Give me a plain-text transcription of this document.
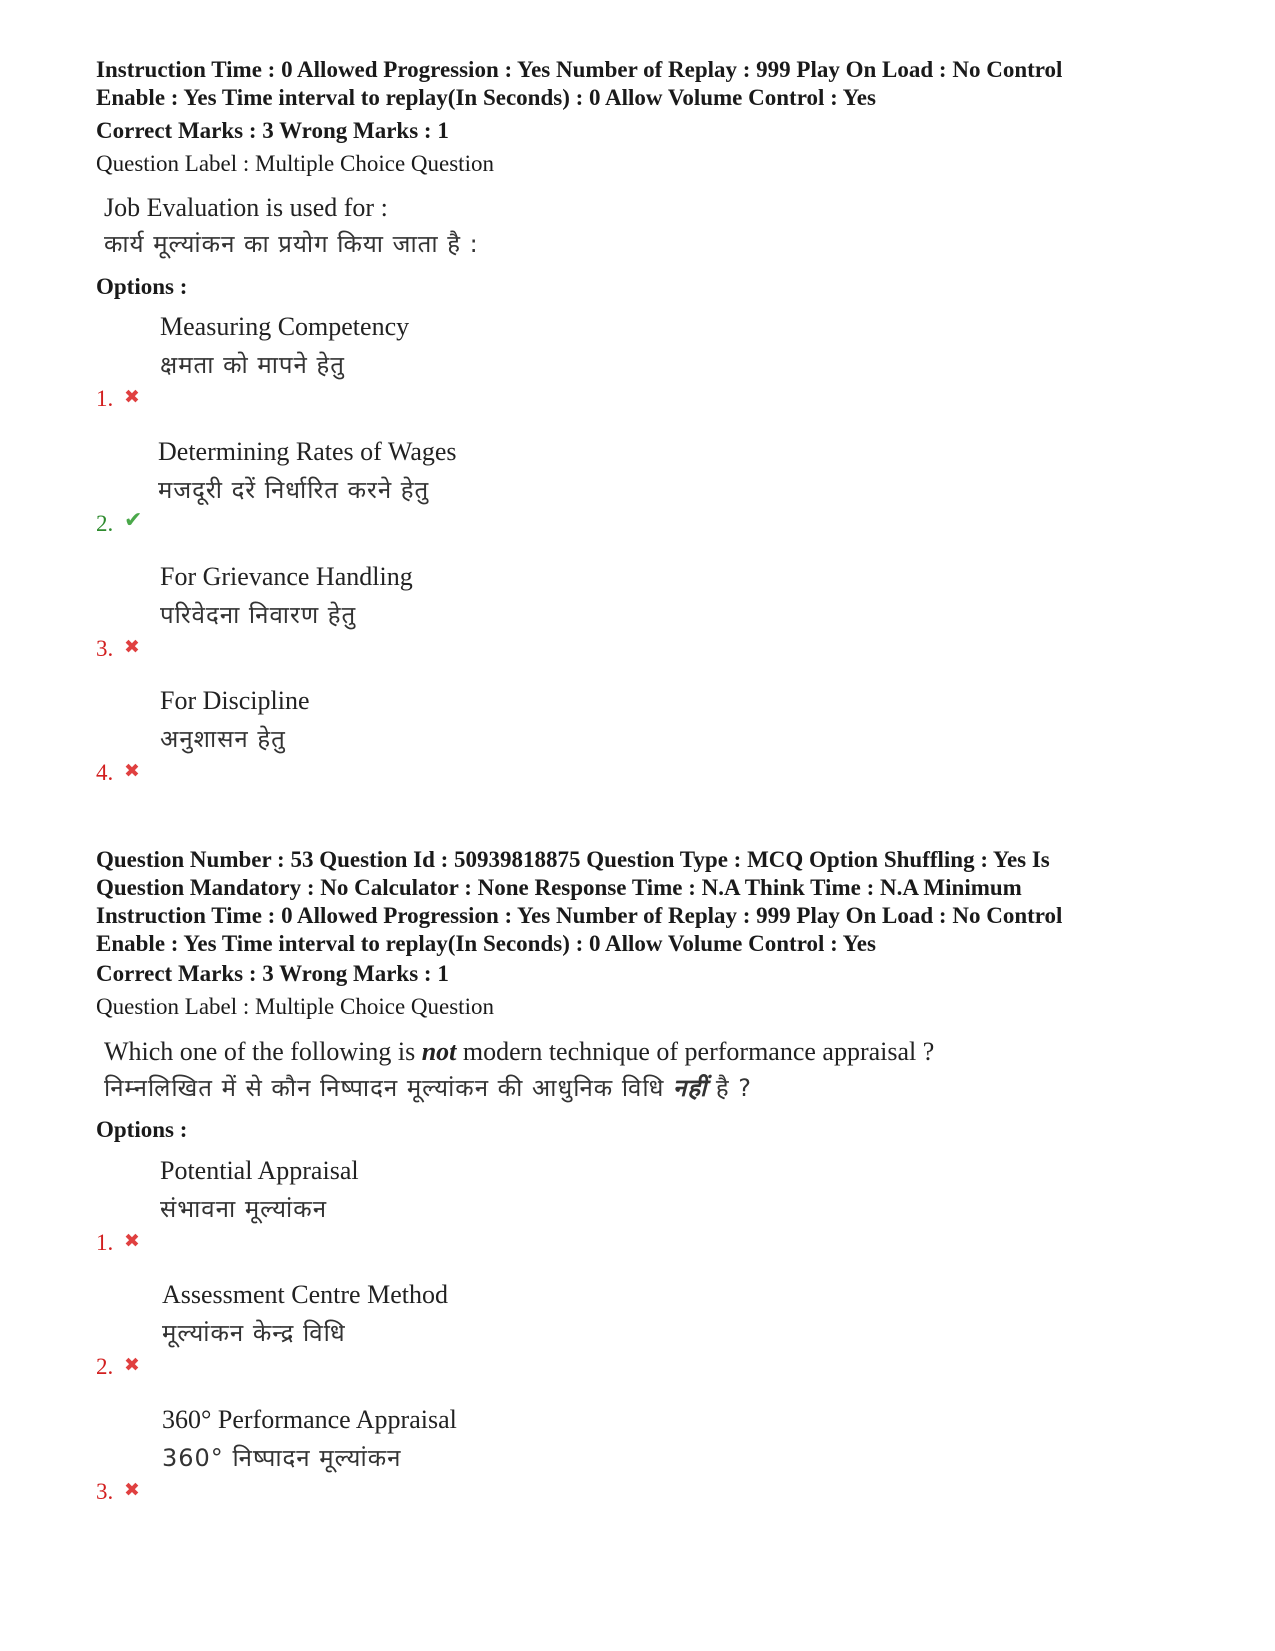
Instruction Time : 0 Allowed Progression : Yes Number of Replay : 999 Play On Load : No Control

Enable : Yes Time interval to replay(In Seconds) : 0 Allow Volume Control : Yes

Correct Marks : 3 Wrong Marks : 1
Question Label : Multiple Choice Question
Job Evaluation is used for :
कार्य मूल्यांकन का प्रयोग किया जाता है :
Options :
1. ✖
Measuring Competency
क्षमता को मापने हेतु
2. ✔
Determining Rates of Wages
मजदूरी दरें निर्धारित करने हेतु
3. ✖
For Grievance Handling
परिवेदना निवारण हेतु
4. ✖
For Discipline
अनुशासन हेतु

Question Number : 53 Question Id : 50939818875 Question Type : MCQ Option Shuffling : Yes Is

Question Mandatory : No Calculator : None Response Time : N.A Think Time : N.A Minimum

Instruction Time : 0 Allowed Progression : Yes Number of Replay : 999 Play On Load : No Control

Enable : Yes Time interval to replay(In Seconds) : 0 Allow Volume Control : Yes

Correct Marks : 3 Wrong Marks : 1
Question Label : Multiple Choice Question
Which one of the following is not modern technique of performance appraisal ?
निम्नलिखित में से कौन निष्पादन मूल्यांकन की आधुनिक विधि नहीं है ?
Options :
1. ✖
Potential Appraisal
संभावना मूल्यांकन
2. ✖
Assessment Centre Method
मूल्यांकन केन्द्र विधि
3. ✖
360° Performance Appraisal
360° निष्पादन मूल्यांकन
